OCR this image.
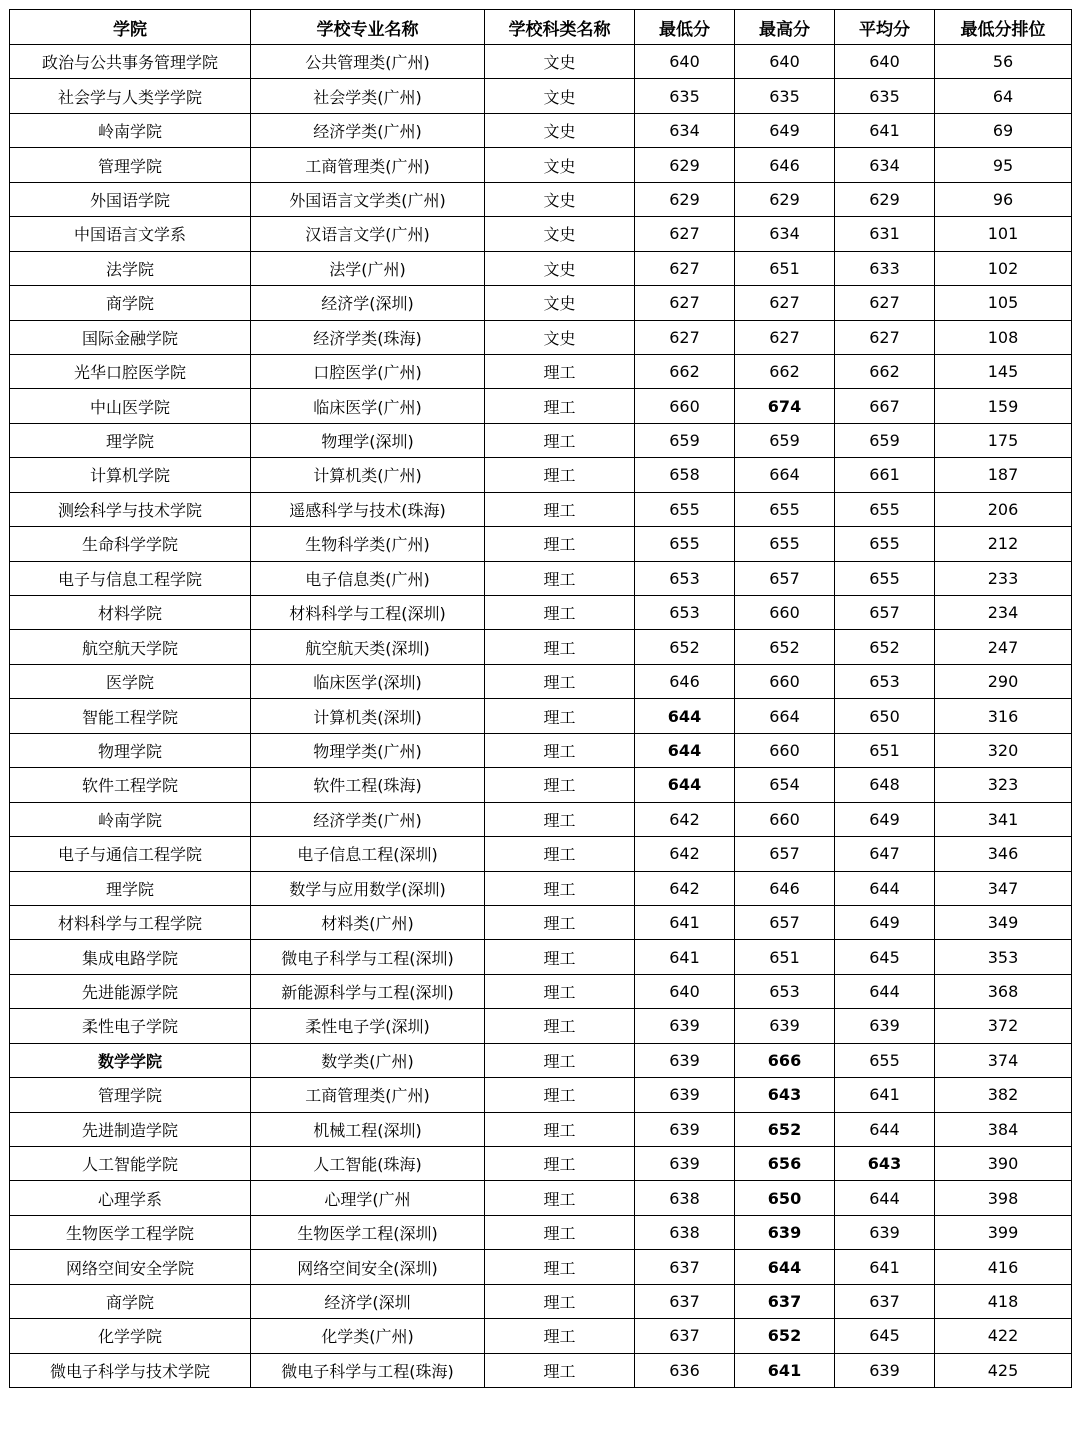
学院	学校专业名称	学校科类名称	最低分	最高分	平均分	最低分排位
政治与公共事务管理学院	公共管理类(广州)	文史	640	640	640	56
社会学与人类学学院	社会学类(广州)	文史	635	635	635	64
岭南学院	经济学类(广州)	文史	634	649	641	69
管理学院	工商管理类(广州)	文史	629	646	634	95
外国语学院	外国语言文学类(广州)	文史	629	629	629	96
中国语言文学系	汉语言文学(广州)	文史	627	634	631	101
法学院	法学(广州)	文史	627	651	633	102
商学院	经济学(深圳)	文史	627	627	627	105
国际金融学院	经济学类(珠海)	文史	627	627	627	108
光华口腔医学院	口腔医学(广州)	理工	662	662	662	145
中山医学院	临床医学(广州)	理工	660	674	667	159
理学院	物理学(深圳)	理工	659	659	659	175
计算机学院	计算机类(广州)	理工	658	664	661	187
测绘科学与技术学院	遥感科学与技术(珠海)	理工	655	655	655	206
生命科学学院	生物科学类(广州)	理工	655	655	655	212
电子与信息工程学院	电子信息类(广州)	理工	653	657	655	233
材料学院	材料科学与工程(深圳)	理工	653	660	657	234
航空航天学院	航空航天类(深圳)	理工	652	652	652	247
医学院	临床医学(深圳)	理工	646	660	653	290
智能工程学院	计算机类(深圳)	理工	644	664	650	316
物理学院	物理学类(广州)	理工	644	660	651	320
软件工程学院	软件工程(珠海)	理工	644	654	648	323
岭南学院	经济学类(广州)	理工	642	660	649	341
电子与通信工程学院	电子信息工程(深圳)	理工	642	657	647	346
理学院	数学与应用数学(深圳)	理工	642	646	644	347
材料科学与工程学院	材料类(广州)	理工	641	657	649	349
集成电路学院	微电子科学与工程(深圳)	理工	641	651	645	353
先进能源学院	新能源科学与工程(深圳)	理工	640	653	644	368
柔性电子学院	柔性电子学(深圳)	理工	639	639	639	372
数学学院	数学类(广州)	理工	639	666	655	374
管理学院	工商管理类(广州)	理工	639	643	641	382
先进制造学院	机械工程(深圳)	理工	639	652	644	384
人工智能学院	人工智能(珠海)	理工	639	656	643	390
心理学系	心理学(广州	理工	638	650	644	398
生物医学工程学院	生物医学工程(深圳)	理工	638	639	639	399
网络空间安全学院	网络空间安全(深圳)	理工	637	644	641	416
商学院	经济学(深圳	理工	637	637	637	418
化学学院	化学类(广州)	理工	637	652	645	422
微电子科学与技术学院	微电子科学与工程(珠海)	理工	636	641	639	425
